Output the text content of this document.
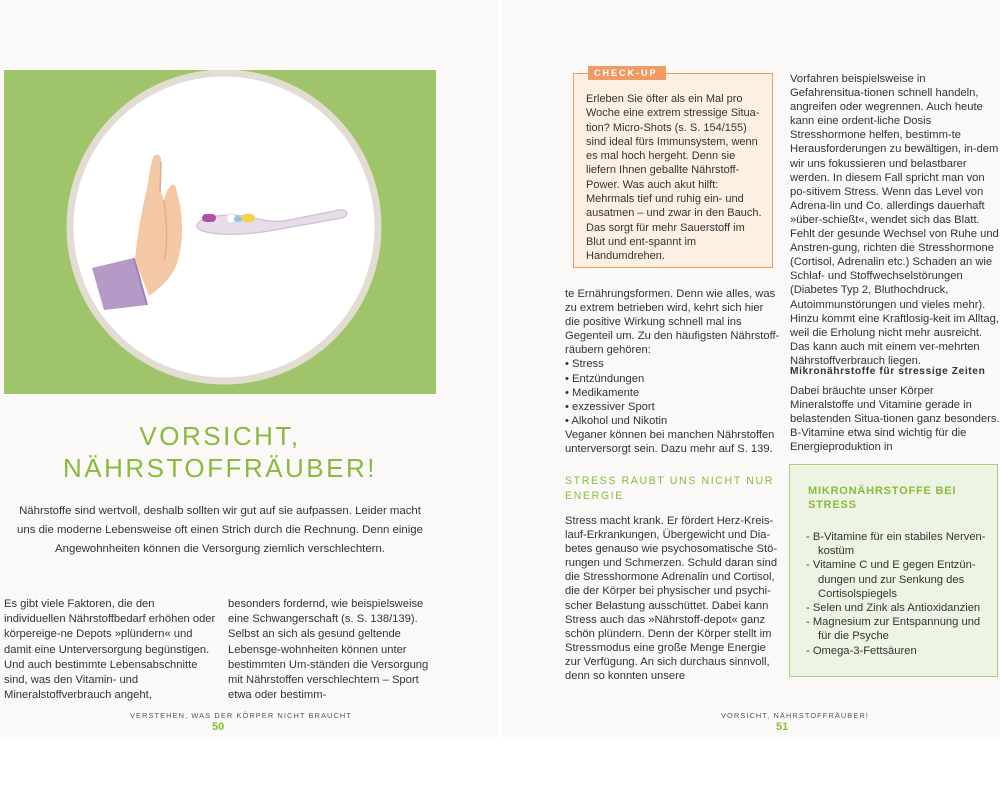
VORSICHT,
NÄHRSTOFFRÄUBER!

Nährstoffe sind wertvoll, deshalb sollten wir gut auf sie aufpassen. Leider macht uns die moderne Lebensweise oft einen Strich durch die Rechnung. Denn einige Angewohnheiten können die Versorgung ziemlich verschlechtern.

Es gibt viele Faktoren, die den individuellen Nährstoffbedarf erhöhen oder körpereige-ne Depots »plündern« und damit eine Unterversorgung begünstigen. Und auch bestimmte Lebensabschnitte sind, was den Vitamin- und Mineralstoffverbrauch angeht,

besonders fordernd, wie beispielsweise eine Schwangerschaft (s. S. 138/139). Selbst an sich als gesund geltende Lebensge-wohnheiten können unter bestimmten Um-ständen die Versorgung mit Nährstoffen verschlechtern – Sport etwa oder bestimm-

VERSTEHEN, WAS DER KÖRPER NICHT BRAUCHT
50
CHECK-UP

Erleben Sie öfter als ein Mal pro Woche eine extrem stressige Situa-tion? Micro-Shots (s. S. 154/155) sind ideal fürs Immunsystem, wenn es mal hoch hergeht. Denn sie liefern Ihnen geballte Nährstoff-Power. Was auch akut hilft: Mehrmals tief und ruhig ein- und ausatmen – und zwar in den Bauch. Das sorgt für mehr Sauerstoff im Blut und ent-spannt im Handumdrehen.

te Ernährungsformen. Denn wie alles, was zu extrem betrieben wird, kehrt sich hier die positive Wirkung schnell mal ins Gegenteil um. Zu den häufigsten Nährstoff-räubern gehören:

• Stress
• Entzündungen
• Medikamente
• exzessiver Sport
• Alkohol und Nikotin

Veganer können bei manchen Nährstoffen unterversorgt sein. Dazu mehr auf S. 139.

STRESS RAUBT UNS NICHT NUR ENERGIE

Stress macht krank. Er fördert Herz-Kreis-lauf-Erkrankungen, Übergewicht und Dia-betes genauso wie psychosomatische Stö-rungen und Schmerzen. Schuld daran sind die Stresshormone Adrenalin und Cortisol, die der Körper bei physischer und psychi-scher Belastung ausschüttet. Dabei kann Stress auch das »Nährstoff-depot« ganz schön plündern. Denn der Körper stellt im Stressmodus eine große Menge Energie zur Verfügung. An sich durchaus sinnvoll, denn so konnten unsere

Vorfahren beispielsweise in Gefahrensitua-tionen schnell handeln, angreifen oder wegrennen. Auch heute kann eine ordent-liche Dosis Stresshormone helfen, bestimm-te Herausforderungen zu bewältigen, in-dem wir uns fokussieren und belastbarer werden. In diesem Fall spricht man von po-sitivem Stress. Wenn das Level von Adrena-lin und Co. allerdings dauerhaft »über-schießt«, wendet sich das Blatt. Fehlt der gesunde Wechsel von Ruhe und Anstren-gung, richten die Stresshormone (Cortisol, Adrenalin etc.) Schaden an wie Schlaf- und Stoffwechselstörungen (Diabetes Typ 2, Bluthochdruck, Autoimmunstörungen und vieles mehr). Hinzu kommt eine Kraftlosig-keit im Alltag, weil die Erholung nicht mehr ausreicht. Das kann auch mit einem ver-mehrten Nährstoffverbrauch liegen.

Mikronährstoffe für stressige Zeiten

Dabei bräuchte unser Körper Mineralstoffe und Vitamine gerade in belastenden Situa-tionen ganz besonders. B-Vitamine etwa sind wichtig für die Energieproduktion in

MIKRONÄHRSTOFFE BEI STRESS
- B-Vitamine für ein stabiles Nerven-kostüm
- Vitamine C und E gegen Entzün-dungen und zur Senkung des Cortisolspiegels
- Selen und Zink als Antioxidanzien
- Magnesium zur Entspannung und für die Psyche
- Omega-3-Fettsäuren
VORSICHT, NÄHRSTOFFRÄUBER!
51
